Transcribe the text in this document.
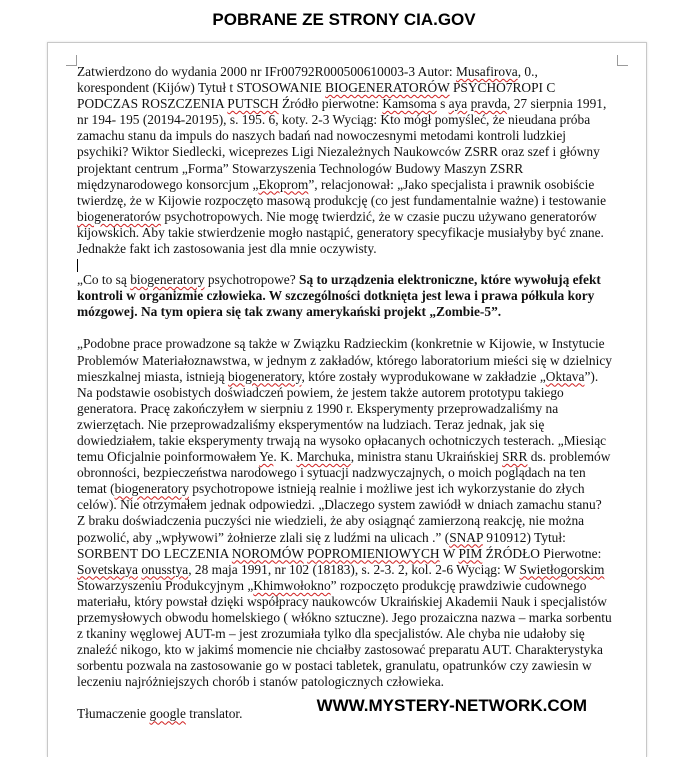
POBRANE ZE STRONY CIA.GOV

Zatwierdzono do wydania 2000 nr IFr00792R000500610003-3 Autor: Musafirova, 0., korespondent (Kijów) Tytuł t STOSOWANIE BIOGENERATORÓW PSYCHO7ROPI C PODCZAS ROSZCZENIA PUTSCH Źródło pierwotne: Kamsoma s aya pravda, 27 sierpnia 1991, nr 194- 195 (20194-20195), s. 195. 6, koty. 2-3 Wyciąg: Kto mógł pomyśleć, że nieudana próba zamachu stanu da impuls do naszych badań nad nowoczesnymi metodami kontroli ludzkiej psychiki? Wiktor Siedlecki, wiceprezes Ligi Niezależnych Naukowców ZSRR oraz szef i główny projektant centrum „Forma” Stowarzyszenia Technologów Budowy Maszyn ZSRR międzynarodowego konsorcjum „Ekoprom”, relacjonował: „Jako specjalista i prawnik osobiście twierdzę, że w Kijowie rozpoczęto masową produkcję (co jest fundamentalnie ważne) i testowanie biogeneratorów psychotropowych. Nie mogę twierdzić, że w czasie puczu używano generatorów kijowskich. Aby takie stwierdzenie mogło nastąpić, generatory specyfikacje musiałyby być znane. Jednakże fakt ich zastosowania jest dla mnie oczywisty.

„Co to są biogeneratory psychotropowe? Są to urządzenia elektroniczne, które wywołują efekt kontroli w organizmie człowieka. W szczególności dotknięta jest lewa i prawa półkula kory mózgowej. Na tym opiera się tak zwany amerykański projekt „Zombie-5”.

„Podobne prace prowadzone są także w Związku Radzieckim (konkretnie w Kijowie, w Instytucie Problemów Materiałoznawstwa, w jednym z zakładów, którego laboratorium mieści się w dzielnicy mieszkalnej miasta, istnieją biogeneratory, które zostały wyprodukowane w zakładzie „Oktava”). Na podstawie osobistych doświadczeń powiem, że jestem także autorem prototypu takiego generatora. Pracę zakończyłem w sierpniu z 1990 r. Eksperymenty przeprowadzaliśmy na zwierzętach. Nie przeprowadzaliśmy eksperymentów na ludziach. Teraz jednak, jak się dowiedziałem, takie eksperymenty trwają na wysoko opłacanych ochotniczych testerach. „Miesiąc temu Oficjalnie poinformowałem Ye. K. Marchuka, ministra stanu Ukraińskiej SRR ds. problemów obronności, bezpieczeństwa narodowego i sytuacji nadzwyczajnych, o moich poglądach na ten temat (biogeneratory psychotropowe istnieją realnie i możliwe jest ich wykorzystanie do złych celów). Nie otrzymałem jednak odpowiedzi. „Dlaczego system zawiódł w dniach zamachu stanu? Z braku doświadczenia puczyści nie wiedzieli, że aby osiągnąć zamierzoną reakcję, nie można pozwolić, aby „wpływowi” żołnierze zlali się z ludźmi na ulicach .” (SNAP 910912) Tytuł: SORBENT DO LECZENIA NOROMÓW POPROMIENIOWYCH W PIM ŹRÓDŁO Pierwotne: Sovetskaya onusstya, 28 maja 1991, nr 102 (18183), s. 2-3. 2, kol. 2-6 Wyciąg: W Swietłogorskim Stowarzyszeniu Produkcyjnym „Khimwołokno” rozpoczęto produkcję prawdziwie cudownego materiału, który powstał dzięki współpracy naukowców Ukraińskiej Akademii Nauk i specjalistów przemysłowych obwodu homelskiego ( włókno sztuczne). Jego prozaiczna nazwa – marka sorbentu z tkaniny węglowej AUT-m – jest zrozumiała tylko dla specjalistów. Ale chyba nie udałoby się znaleźć nikogo, kto w jakimś momencie nie chciałby zastosować preparatu AUT. Charakterystyka sorbentu pozwala na zastosowanie go w postaci tabletek, granulatu, opatrunków czy zawiesin w leczeniu najróżniejszych chorób i stanów patologicznych człowieka.

Tłumaczenie google translator.	WWW.MYSTERY-NETWORK.COM
